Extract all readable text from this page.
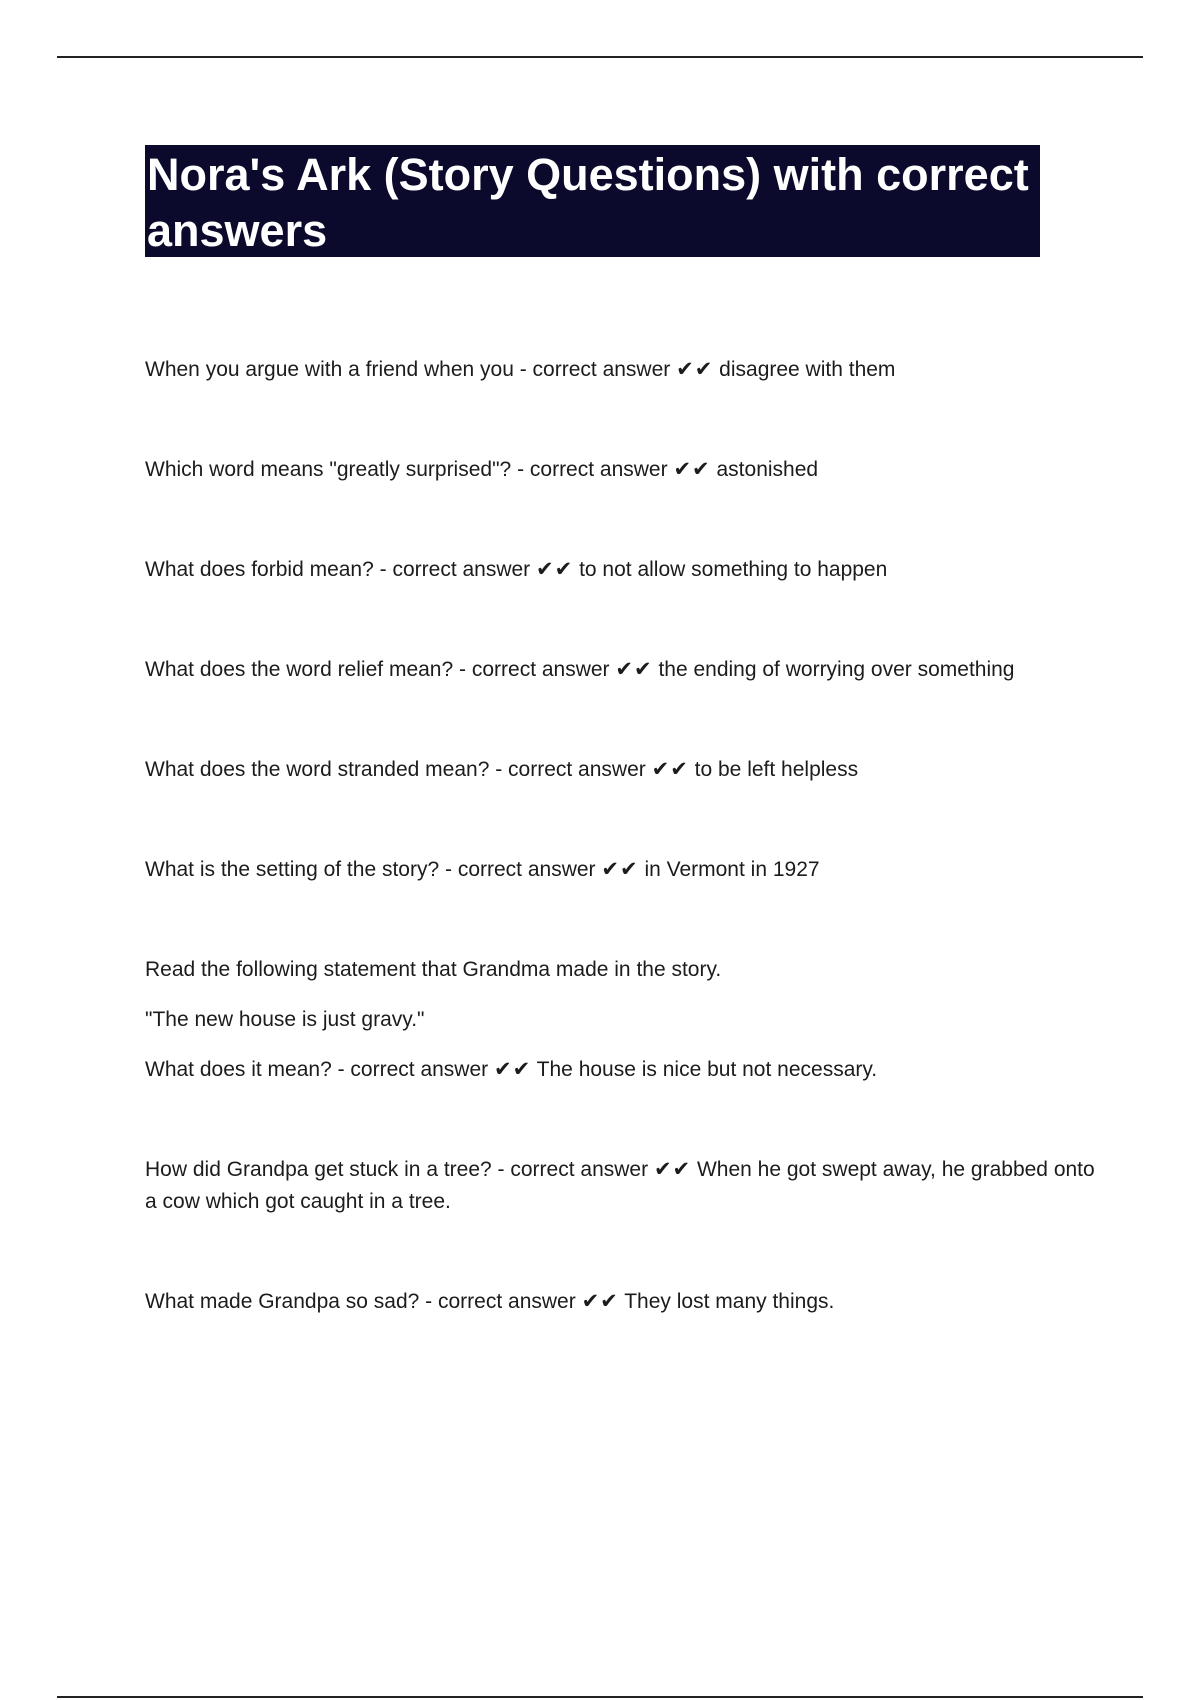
Nora's Ark (Story Questions) with correct answers

When you argue with a friend when you - correct answer ✔✔ disagree with them

Which word means "greatly surprised"? - correct answer ✔✔ astonished

What does forbid mean? - correct answer ✔✔ to not allow something to happen

What does the word relief mean? - correct answer ✔✔ the ending of worrying over something

What does the word stranded mean? - correct answer ✔✔ to be left helpless

What is the setting of the story? - correct answer ✔✔ in Vermont in 1927

Read the following statement that Grandma made in the story.

"The new house is just gravy."

What does it mean? - correct answer ✔✔ The house is nice but not necessary.

How did Grandpa get stuck in a tree? - correct answer ✔✔ When he got swept away, he grabbed onto a cow which got caught in a tree.

What made Grandpa so sad? - correct answer ✔✔ They lost many things.
